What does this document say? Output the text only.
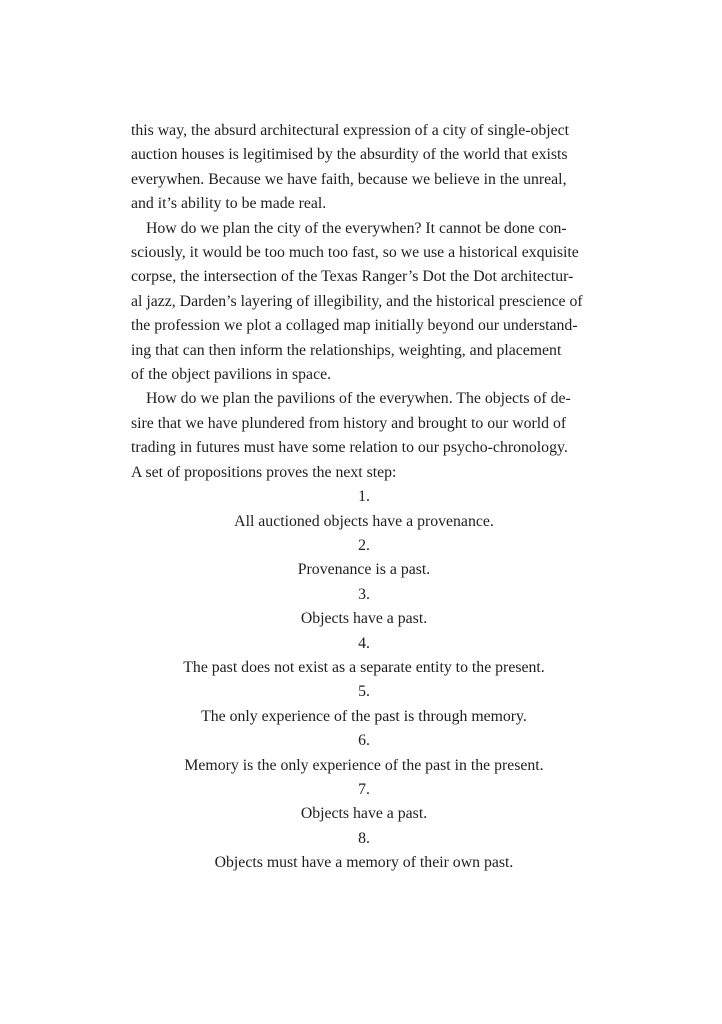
this way, the absurd architectural expression of a city of single-object

auction houses is legitimised by the absurdity of the world that exists

everywhen. Because we have faith, because we believe in the unreal,

and it’s ability to be made real.

How do we plan the city of the everywhen? It cannot be done con-

sciously, it would be too much too fast, so we use a historical exquisite

corpse, the intersection of the Texas Ranger’s Dot the Dot architectur-

al jazz, Darden’s layering of illegibility, and the historical prescience of

the profession we plot a collaged map initially beyond our understand-

ing that can then inform the relationships, weighting, and placement

of the object pavilions in space.

How do we plan the pavilions of the everywhen. The objects of de-

sire that we have plundered from history and brought to our world of

trading in futures must have some relation to our psycho-chronology.

A set of propositions proves the next step:

1.

All auctioned objects have a provenance.

2.

Provenance is a past.

3.

Objects have a past.

4.

The past does not exist as a separate entity to the present.

5.

The only experience of the past is through memory.

6.

Memory is the only experience of the past in the present.

7.

Objects have a past.

8.

Objects must have a memory of their own past.
